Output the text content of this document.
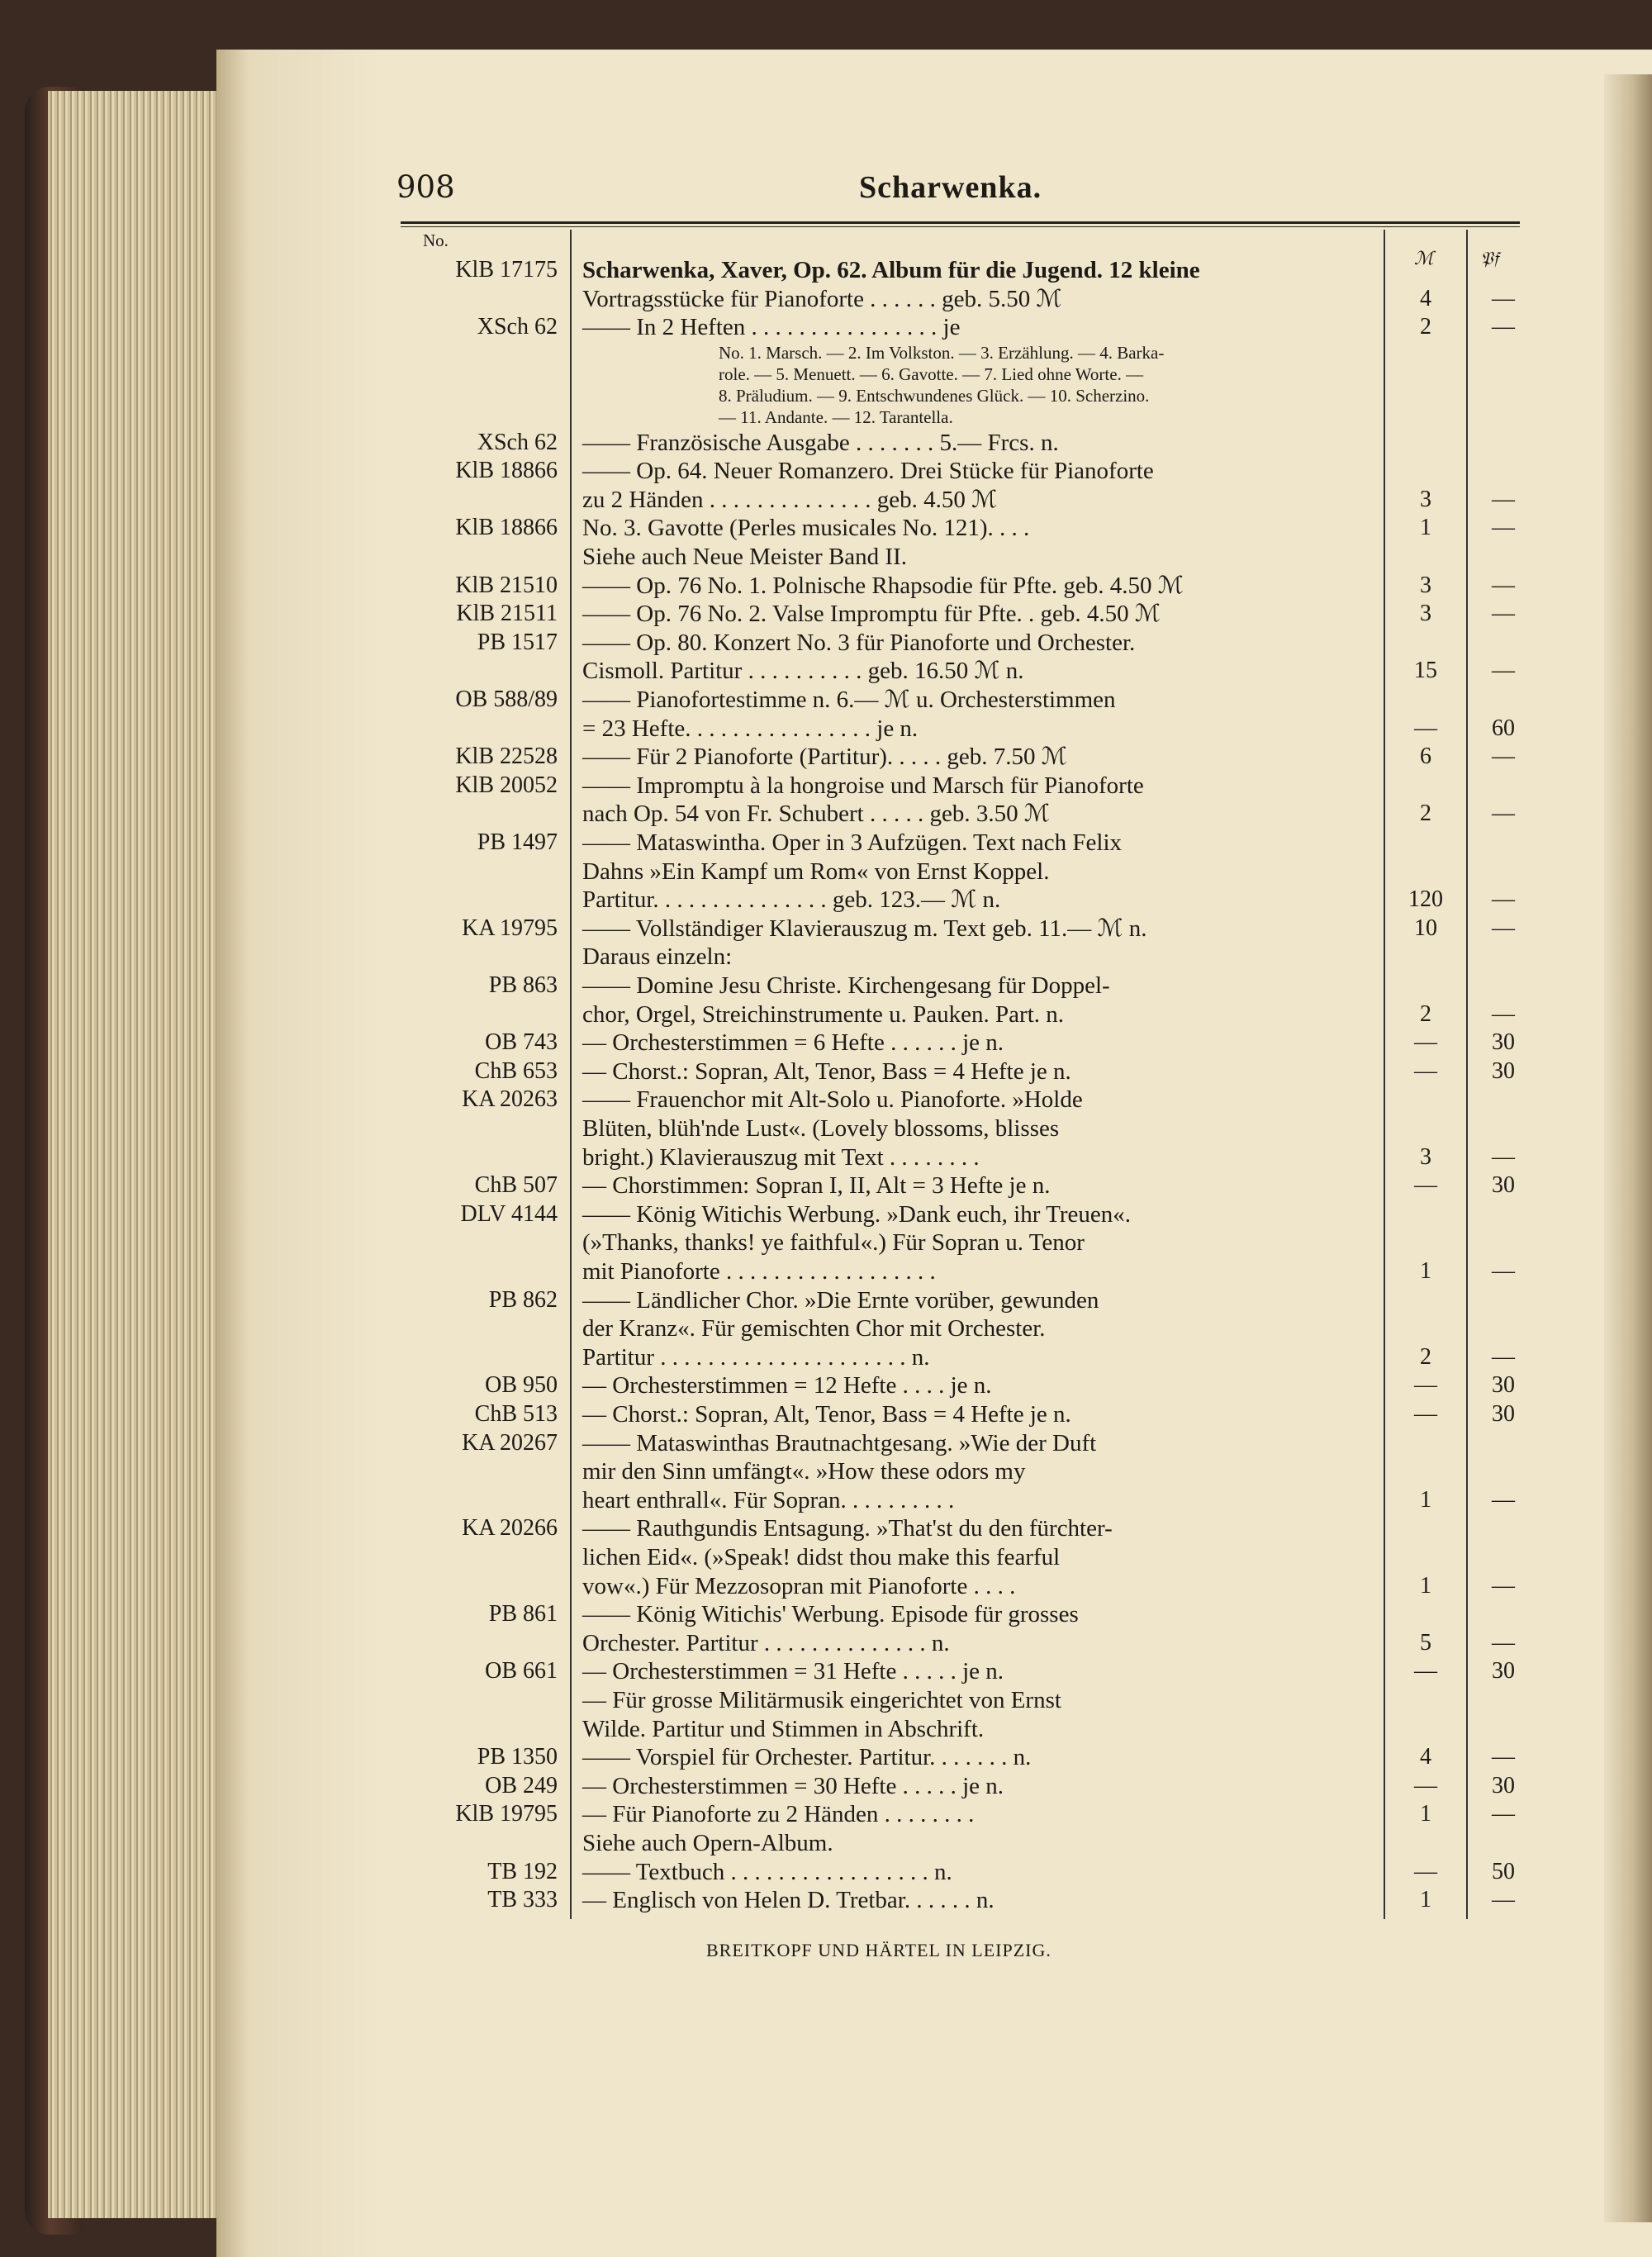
908	Scharwenka.
No.
ℳ	𝔓𝔣
KlB 17175 Scharwenka, Xaver, Op. 62. Album für die Jugend. 12 kleine
Vortragsstücke für Pianoforte . . . . . . geb. 5.50 ℳ	4	—
XSch 62 —— In 2 Heften . . . . . . . . . . . . . . . . je	2	—
No. 1. Marsch. — 2. Im Volkston. — 3. Erzählung. — 4. Barka-
role. — 5. Menuett. — 6. Gavotte. — 7. Lied ohne Worte. —
8. Präludium. — 9. Entschwundenes Glück. — 10. Scherzino.
— 11. Andante. — 12. Tarantella.
XSch 62 —— Französische Ausgabe . . . . . . . 5.— Frcs. n.
KlB 18866 —— Op. 64. Neuer Romanzero. Drei Stücke für Pianoforte
zu 2 Händen . . . . . . . . . . . . . . geb. 4.50 ℳ	3	—
KlB 18866 No. 3. Gavotte (Perles musicales No. 121). . . .	1	—
Siehe auch Neue Meister Band II.
KlB 21510 —— Op. 76 No. 1. Polnische Rhapsodie für Pfte. geb. 4.50 ℳ	3	—
KlB 21511 —— Op. 76 No. 2. Valse Impromptu für Pfte. . geb. 4.50 ℳ	3	—
PB 1517 —— Op. 80. Konzert No. 3 für Pianoforte und Orchester.
Cismoll. Partitur . . . . . . . . . . geb. 16.50 ℳ n.	15	—
OB 588/89 —— Pianofortestimme n. 6.— ℳ u. Orchesterstimmen
= 23 Hefte. . . . . . . . . . . . . . . . je n.	—	60
KlB 22528 —— Für 2 Pianoforte (Partitur). . . . . geb. 7.50 ℳ	6	—
KlB 20052 —— Impromptu à la hongroise und Marsch für Pianoforte
nach Op. 54 von Fr. Schubert . . . . . geb. 3.50 ℳ	2	—
PB 1497 —— Mataswintha. Oper in 3 Aufzügen. Text nach Felix
Dahns »Ein Kampf um Rom« von Ernst Koppel.
Partitur. . . . . . . . . . . . . . . geb. 123.— ℳ n.	120	—
KA 19795 —— Vollständiger Klavierauszug m. Text geb. 11.— ℳ n.	10	—
Daraus einzeln:
PB 863 —— Domine Jesu Christe. Kirchengesang für Doppel-
chor, Orgel, Streichinstrumente u. Pauken. Part. n.	2	—
OB 743 — Orchesterstimmen = 6 Hefte . . . . . . je n.	—	30
ChB 653 — Chorst.: Sopran, Alt, Tenor, Bass = 4 Hefte je n.	—	30
KA 20263 —— Frauenchor mit Alt-Solo u. Pianoforte. »Holde
Blüten, blüh'nde Lust«. (Lovely blossoms, blisses
bright.) Klavierauszug mit Text . . . . . . . .	3	—
ChB 507 — Chorstimmen: Sopran I, II, Alt = 3 Hefte je n.	—	30
DLV 4144 —— König Witichis Werbung. »Dank euch, ihr Treuen«.
(»Thanks, thanks! ye faithful«.) Für Sopran u. Tenor
mit Pianoforte . . . . . . . . . . . . . . . . . .	1	—
PB 862 —— Ländlicher Chor. »Die Ernte vorüber, gewunden
der Kranz«. Für gemischten Chor mit Orchester.
Partitur . . . . . . . . . . . . . . . . . . . . . n.	2	—
OB 950 — Orchesterstimmen = 12 Hefte . . . . je n.	—	30
ChB 513 — Chorst.: Sopran, Alt, Tenor, Bass = 4 Hefte je n.	—	30
KA 20267 —— Mataswinthas Brautnachtgesang. »Wie der Duft
mir den Sinn umfängt«. »How these odors my
heart enthrall«. Für Sopran. . . . . . . . . .	1	—
KA 20266 —— Rauthgundis Entsagung. »That'st du den fürchter-
lichen Eid«. (»Speak! didst thou make this fearful
vow«.) Für Mezzosopran mit Pianoforte . . . .	1	—
PB 861 —— König Witichis' Werbung. Episode für grosses
Orchester. Partitur . . . . . . . . . . . . . . n.	5	—
OB 661 — Orchesterstimmen = 31 Hefte . . . . . je n.	—	30
— Für grosse Militärmusik eingerichtet von Ernst
Wilde. Partitur und Stimmen in Abschrift.
PB 1350 —— Vorspiel für Orchester. Partitur. . . . . . . n.	4	—
OB 249 — Orchesterstimmen = 30 Hefte . . . . . je n.	—	30
KlB 19795 — Für Pianoforte zu 2 Händen . . . . . . . .	1	—
Siehe auch Opern-Album.
TB 192 —— Textbuch . . . . . . . . . . . . . . . . . n.	—	50
TB 333 — Englisch von Helen D. Tretbar. . . . . . n.	1	—
BREITKOPF UND HÄRTEL IN LEIPZIG.
